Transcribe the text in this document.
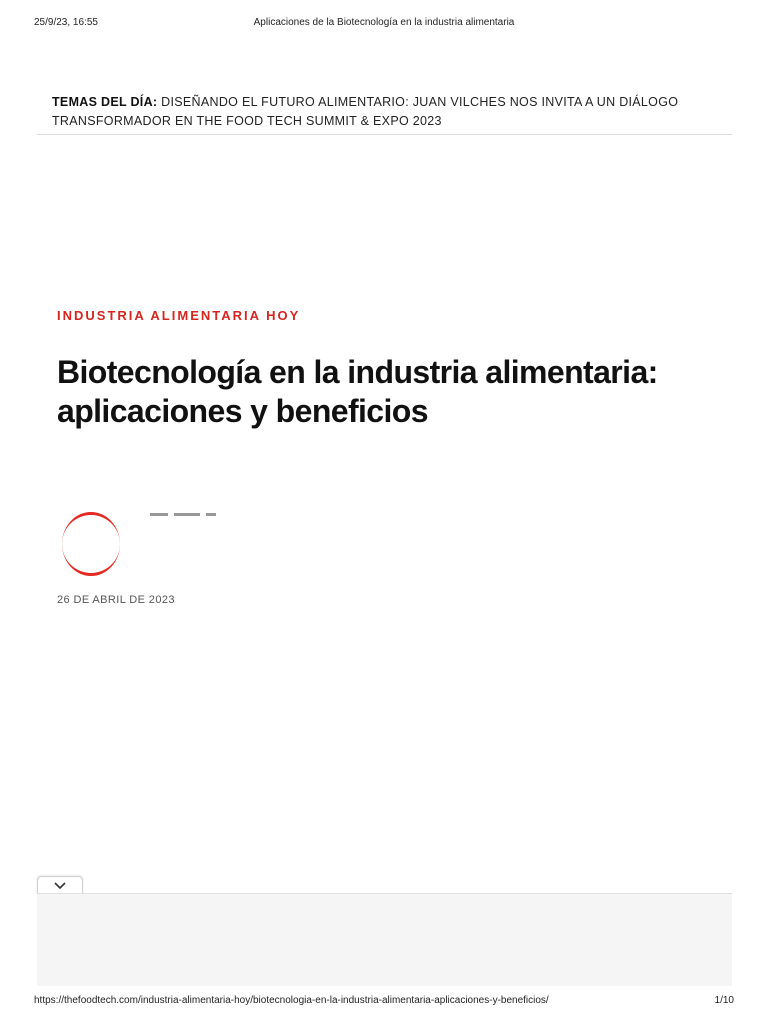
25/9/23, 16:55	Aplicaciones de la Biotecnología en la industria alimentaria
TEMAS DEL DÍA: DISEÑANDO EL FUTURO ALIMENTARIO: JUAN VILCHES NOS INVITA A UN DIÁLOGO TRANSFORMADOR EN THE FOOD TECH SUMMIT & EXPO 2023
INDUSTRIA ALIMENTARIA HOY
Biotecnología en la industria alimentaria: aplicaciones y beneficios
26 DE ABRIL DE 2023
https://thefoodtech.com/industria-alimentaria-hoy/biotecnologia-en-la-industria-alimentaria-aplicaciones-y-beneficios/	1/10
